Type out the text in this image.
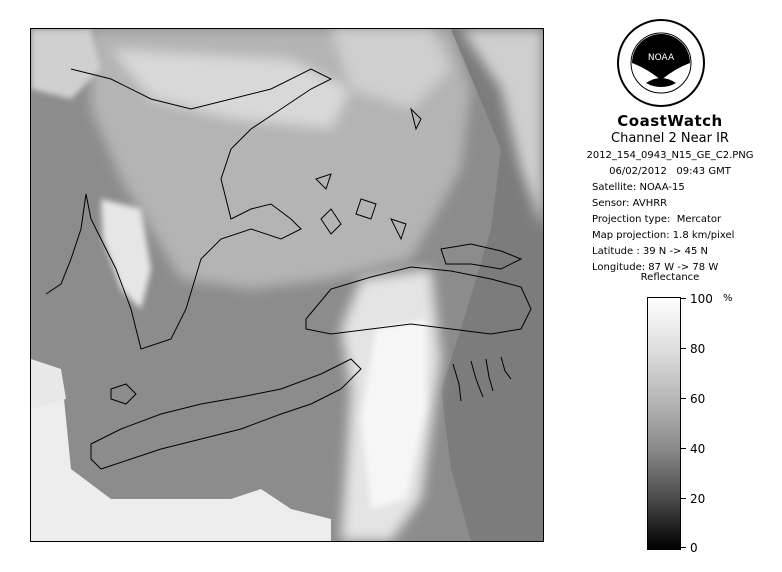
NOAA
CoastWatch
Channel 2 Near IR
2012_154_0943_N15_GE_C2.PNG
06/02/2012   09:43 GMT
Satellite: NOAA-15
Sensor: AVHRR
Projection type:  Mercator
Map projection: 1.8 km/pixel
Latitude : 39 N -> 45 N
Longitude: 87 W -> 78 W
Reflectance
%
100
80
60
40
20
0
